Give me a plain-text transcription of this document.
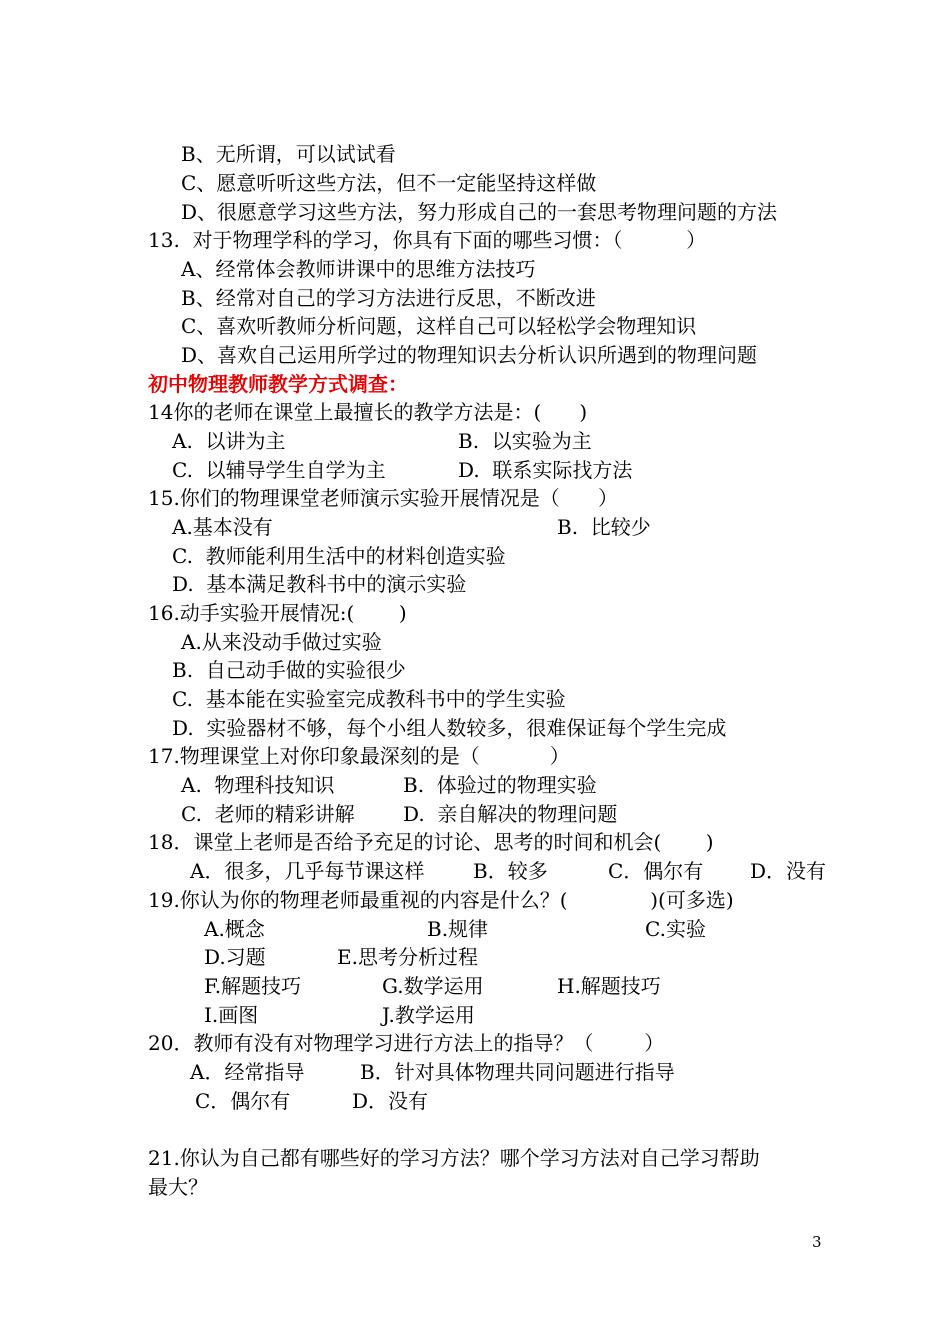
B、无所谓，可以试试看
C、愿意听听这些方法，但不一定能坚持这样做
D、很愿意学习这些方法，努力形成自己的一套思考物理问题的方法
13.  对于物理学科的学习，你具有下面的哪些习惯：（          ）
A、经常体会教师讲课中的思维方法技巧
B、经常对自己的学习方法进行反思，不断改进
C、喜欢听教师分析问题，这样自己可以轻松学会物理知识
D、喜欢自己运用所学过的物理知识去分析认识所遇到的物理问题
初中物理教师教学方式调查：
14你的老师在课堂上最擅长的教学方法是：(      )
A.  以讲为主	B.  以实验为主
C.  以辅导学生自学为主	D.  联系实际找方法
15.你们的物理课堂老师演示实验开展情况是（      ）
A.基本没有	B.  比较少
C.  教师能利用生活中的材料创造实验
D.  基本满足教科书中的演示实验
16.动手实验开展情况:(       )
A.从来没动手做过实验
B.  自己动手做的实验很少
C.  基本能在实验室完成教科书中的学生实验
D.  实验器材不够，每个小组人数较多，很难保证每个学生完成
17.物理课堂上对你印象最深刻的是（           ）
A.  物理科技知识	B.  体验过的物理实验
C.  老师的精彩讲解 D.  亲自解决的物理问题
18．课堂上老师是否给予充足的讨论、思考的时间和机会(       )
A．很多，几乎每节课这样 B．较多	C．偶尔有 D．没有
19.你认为你的物理老师最重视的内容是什么？(             )(可多选)
A.概念	B.规律	C.实验
D.习题	E.思考分析过程
F.解题技巧	G.数学运用	H.解题技巧
I.画图	J.教学运用
20．教师有没有对物理学习进行方法上的指导？（        ）
A．经常指导	B．针对具体物理共同问题进行指导
C．偶尔有	D．没有
21.你认为自己都有哪些好的学习方法？哪个学习方法对自己学习帮助
最大？
3
